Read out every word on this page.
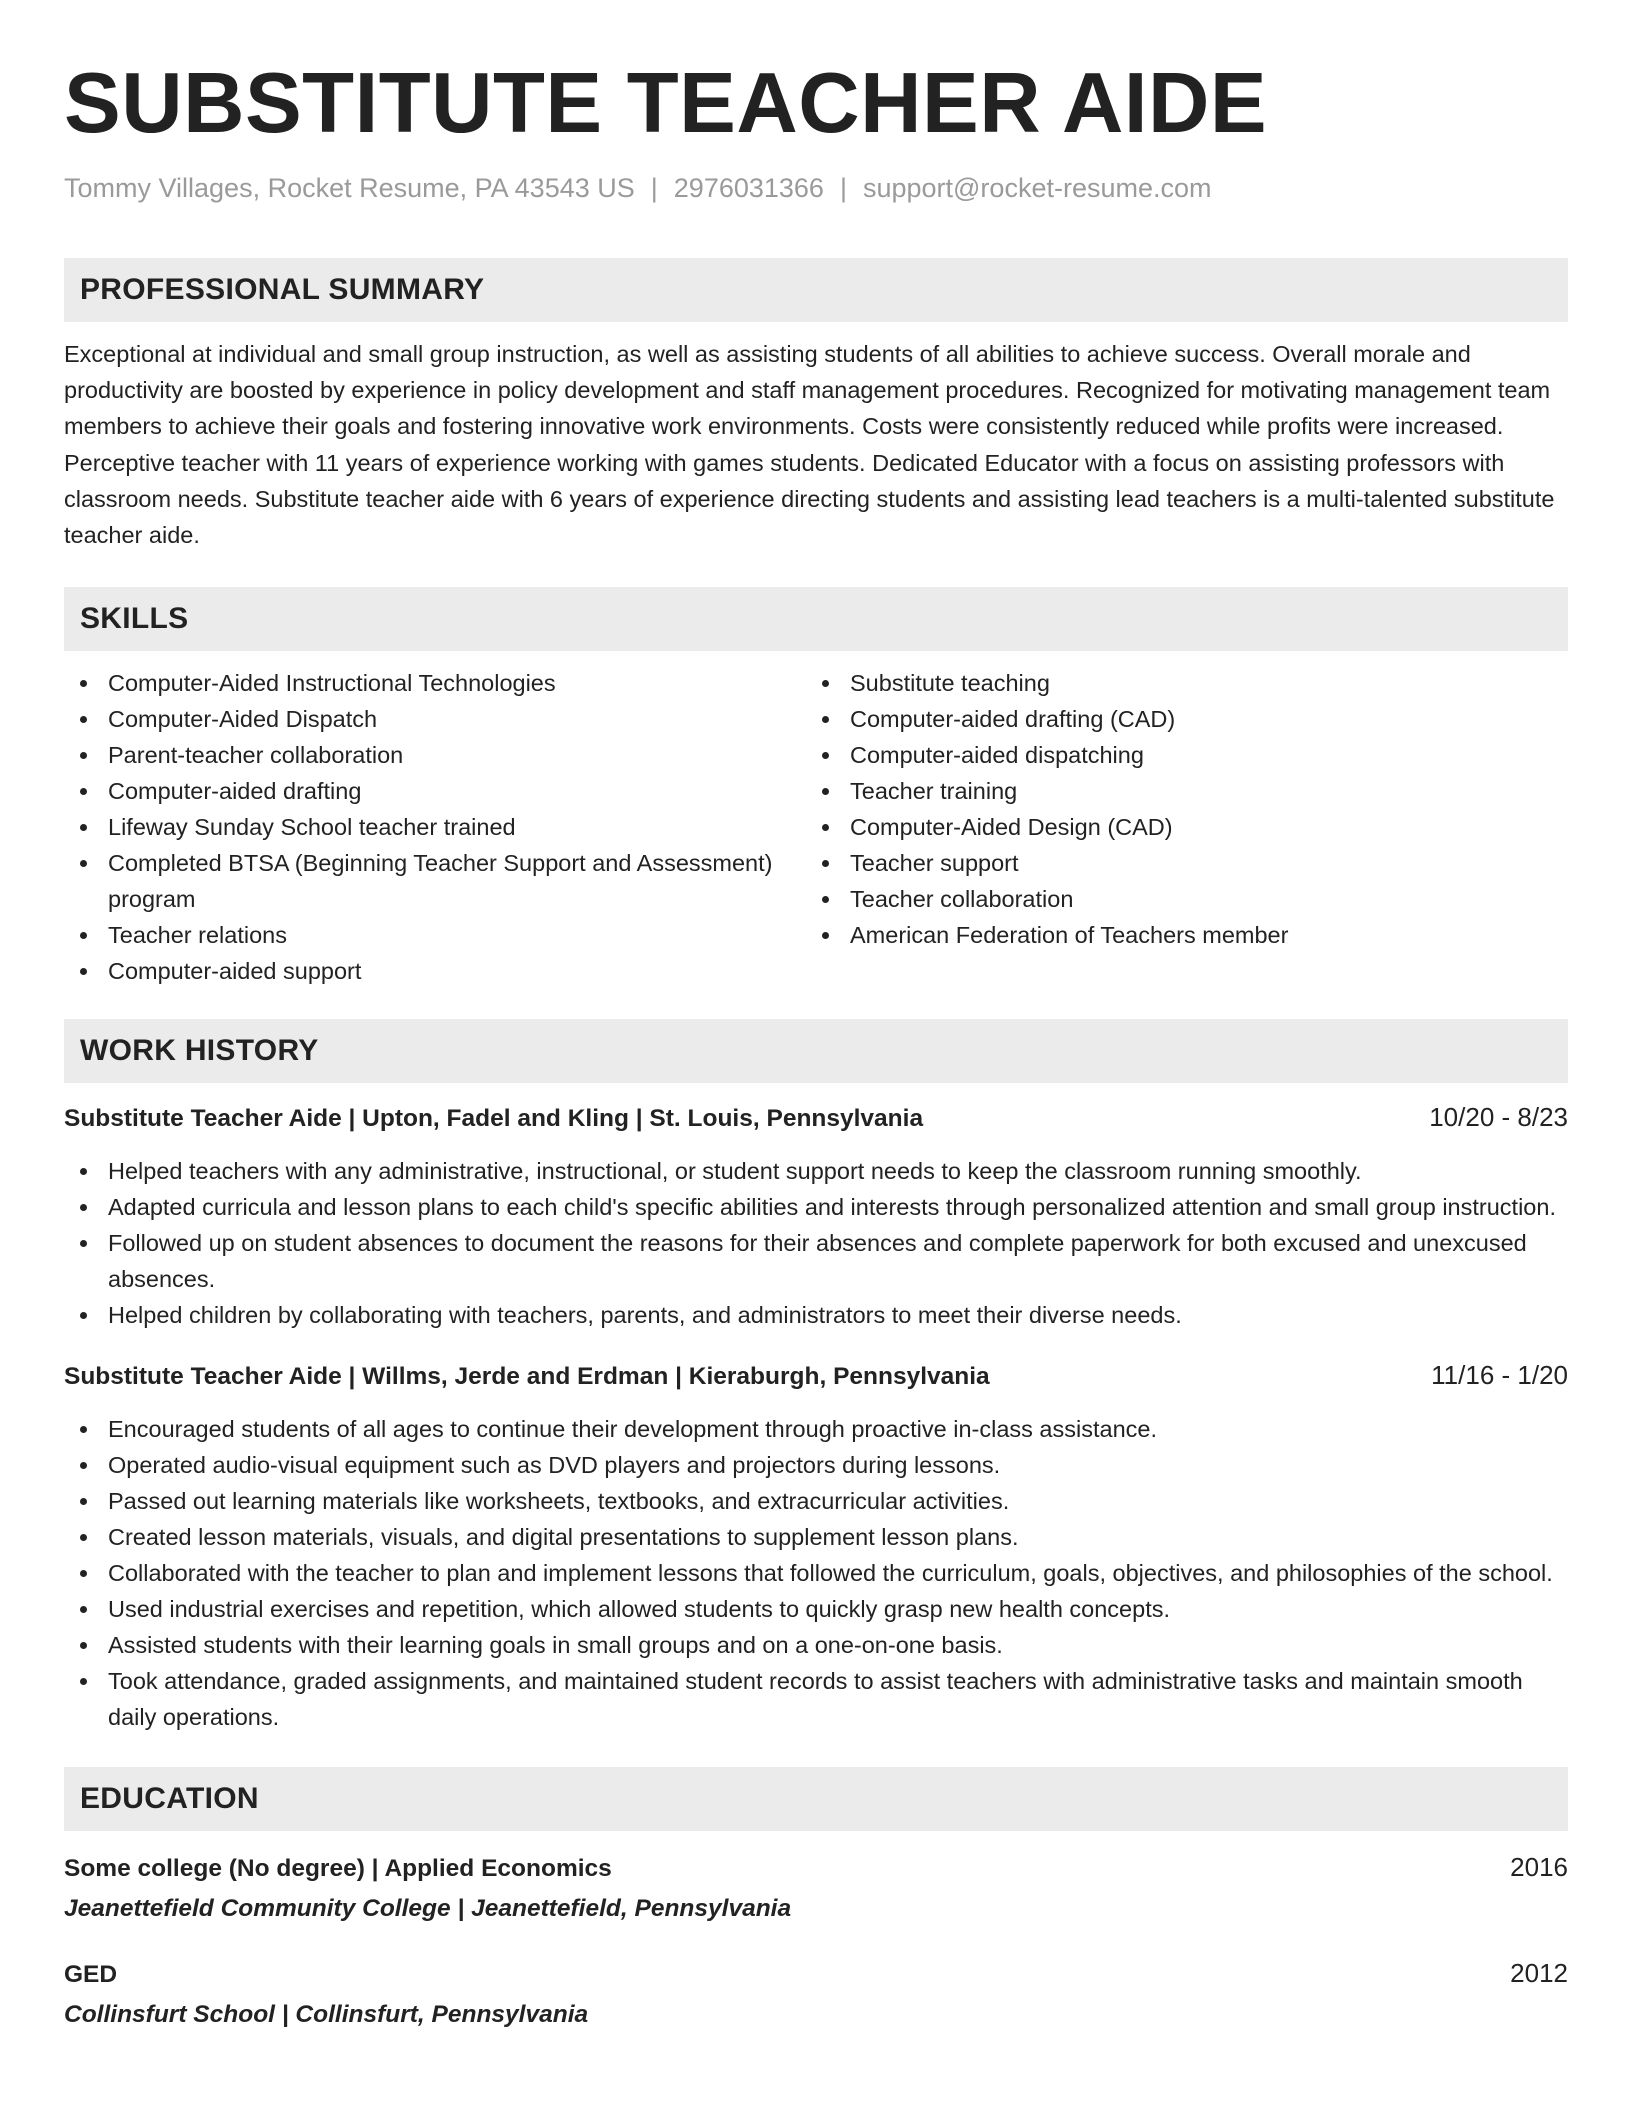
SUBSTITUTE TEACHER AIDE
Tommy Villages, Rocket Resume, PA 43543 US | 2976031366 | support@rocket-resume.com
PROFESSIONAL SUMMARY
Exceptional at individual and small group instruction, as well as assisting students of all abilities to achieve success. Overall morale and productivity are boosted by experience in policy development and staff management procedures. Recognized for motivating management team members to achieve their goals and fostering innovative work environments. Costs were consistently reduced while profits were increased. Perceptive teacher with 11 years of experience working with games students. Dedicated Educator with a focus on assisting professors with classroom needs. Substitute teacher aide with 6 years of experience directing students and assisting lead teachers is a multi-talented substitute teacher aide.
SKILLS
Computer-Aided Instructional Technologies
Computer-Aided Dispatch
Parent-teacher collaboration
Computer-aided drafting
Lifeway Sunday School teacher trained
Completed BTSA (Beginning Teacher Support and Assessment) program
Teacher relations
Computer-aided support
Substitute teaching
Computer-aided drafting (CAD)
Computer-aided dispatching
Teacher training
Computer-Aided Design (CAD)
Teacher support
Teacher collaboration
American Federation of Teachers member
WORK HISTORY
Substitute Teacher Aide | Upton, Fadel and Kling | St. Louis, Pennsylvania	10/20 - 8/23
Helped teachers with any administrative, instructional, or student support needs to keep the classroom running smoothly.
Adapted curricula and lesson plans to each child's specific abilities and interests through personalized attention and small group instruction.
Followed up on student absences to document the reasons for their absences and complete paperwork for both excused and unexcused absences.
Helped children by collaborating with teachers, parents, and administrators to meet their diverse needs.
Substitute Teacher Aide | Willms, Jerde and Erdman | Kieraburgh, Pennsylvania	11/16 - 1/20
Encouraged students of all ages to continue their development through proactive in-class assistance.
Operated audio-visual equipment such as DVD players and projectors during lessons.
Passed out learning materials like worksheets, textbooks, and extracurricular activities.
Created lesson materials, visuals, and digital presentations to supplement lesson plans.
Collaborated with the teacher to plan and implement lessons that followed the curriculum, goals, objectives, and philosophies of the school.
Used industrial exercises and repetition, which allowed students to quickly grasp new health concepts.
Assisted students with their learning goals in small groups and on a one-on-one basis.
Took attendance, graded assignments, and maintained student records to assist teachers with administrative tasks and maintain smooth daily operations.
EDUCATION
Some college (No degree) | Applied Economics	2016
Jeanettefield Community College | Jeanettefield, Pennsylvania
GED	2012
Collinsfurt School | Collinsfurt, Pennsylvania
